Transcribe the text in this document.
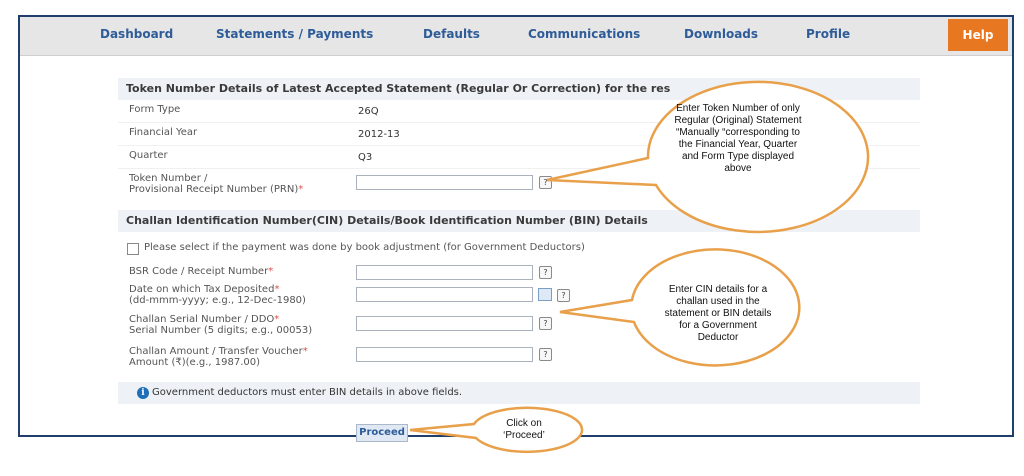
Dashboard	Statements / Payments	Defaults	Communications	Downloads	Profile	Help
Token Number Details of Latest Accepted Statement (Regular Or Correction) for the res
Form Type	26Q
Financial Year	2012-13
Quarter	Q3
Token Number /
Provisional Receipt Number (PRN)*
?
Challan Identification Number(CIN) Details/Book Identification Number (BIN) Details
Please select if the payment was done by book adjustment (for Government Deductors)
BSR Code / Receipt Number*	?
Date on which Tax Deposited*
(dd-mmm-yyyy; e.g., 12-Dec-1980)	?
Challan Serial Number / DDO*
Serial Number (5 digits; e.g., 00053)
?
Challan Amount / Transfer Voucher*
Amount (₹)(e.g., 1987.00)
?
Government deductors must enter BIN details in above fields.
i
Proceed
Enter Token Number of only
Regular (Original) Statement
“Manually “corresponding to
the Financial Year, Quarter
and Form Type displayed
above
Enter CIN details for a
challan used in the
statement or BIN details
for a Government
Deductor
Click on
‘Proceed’
